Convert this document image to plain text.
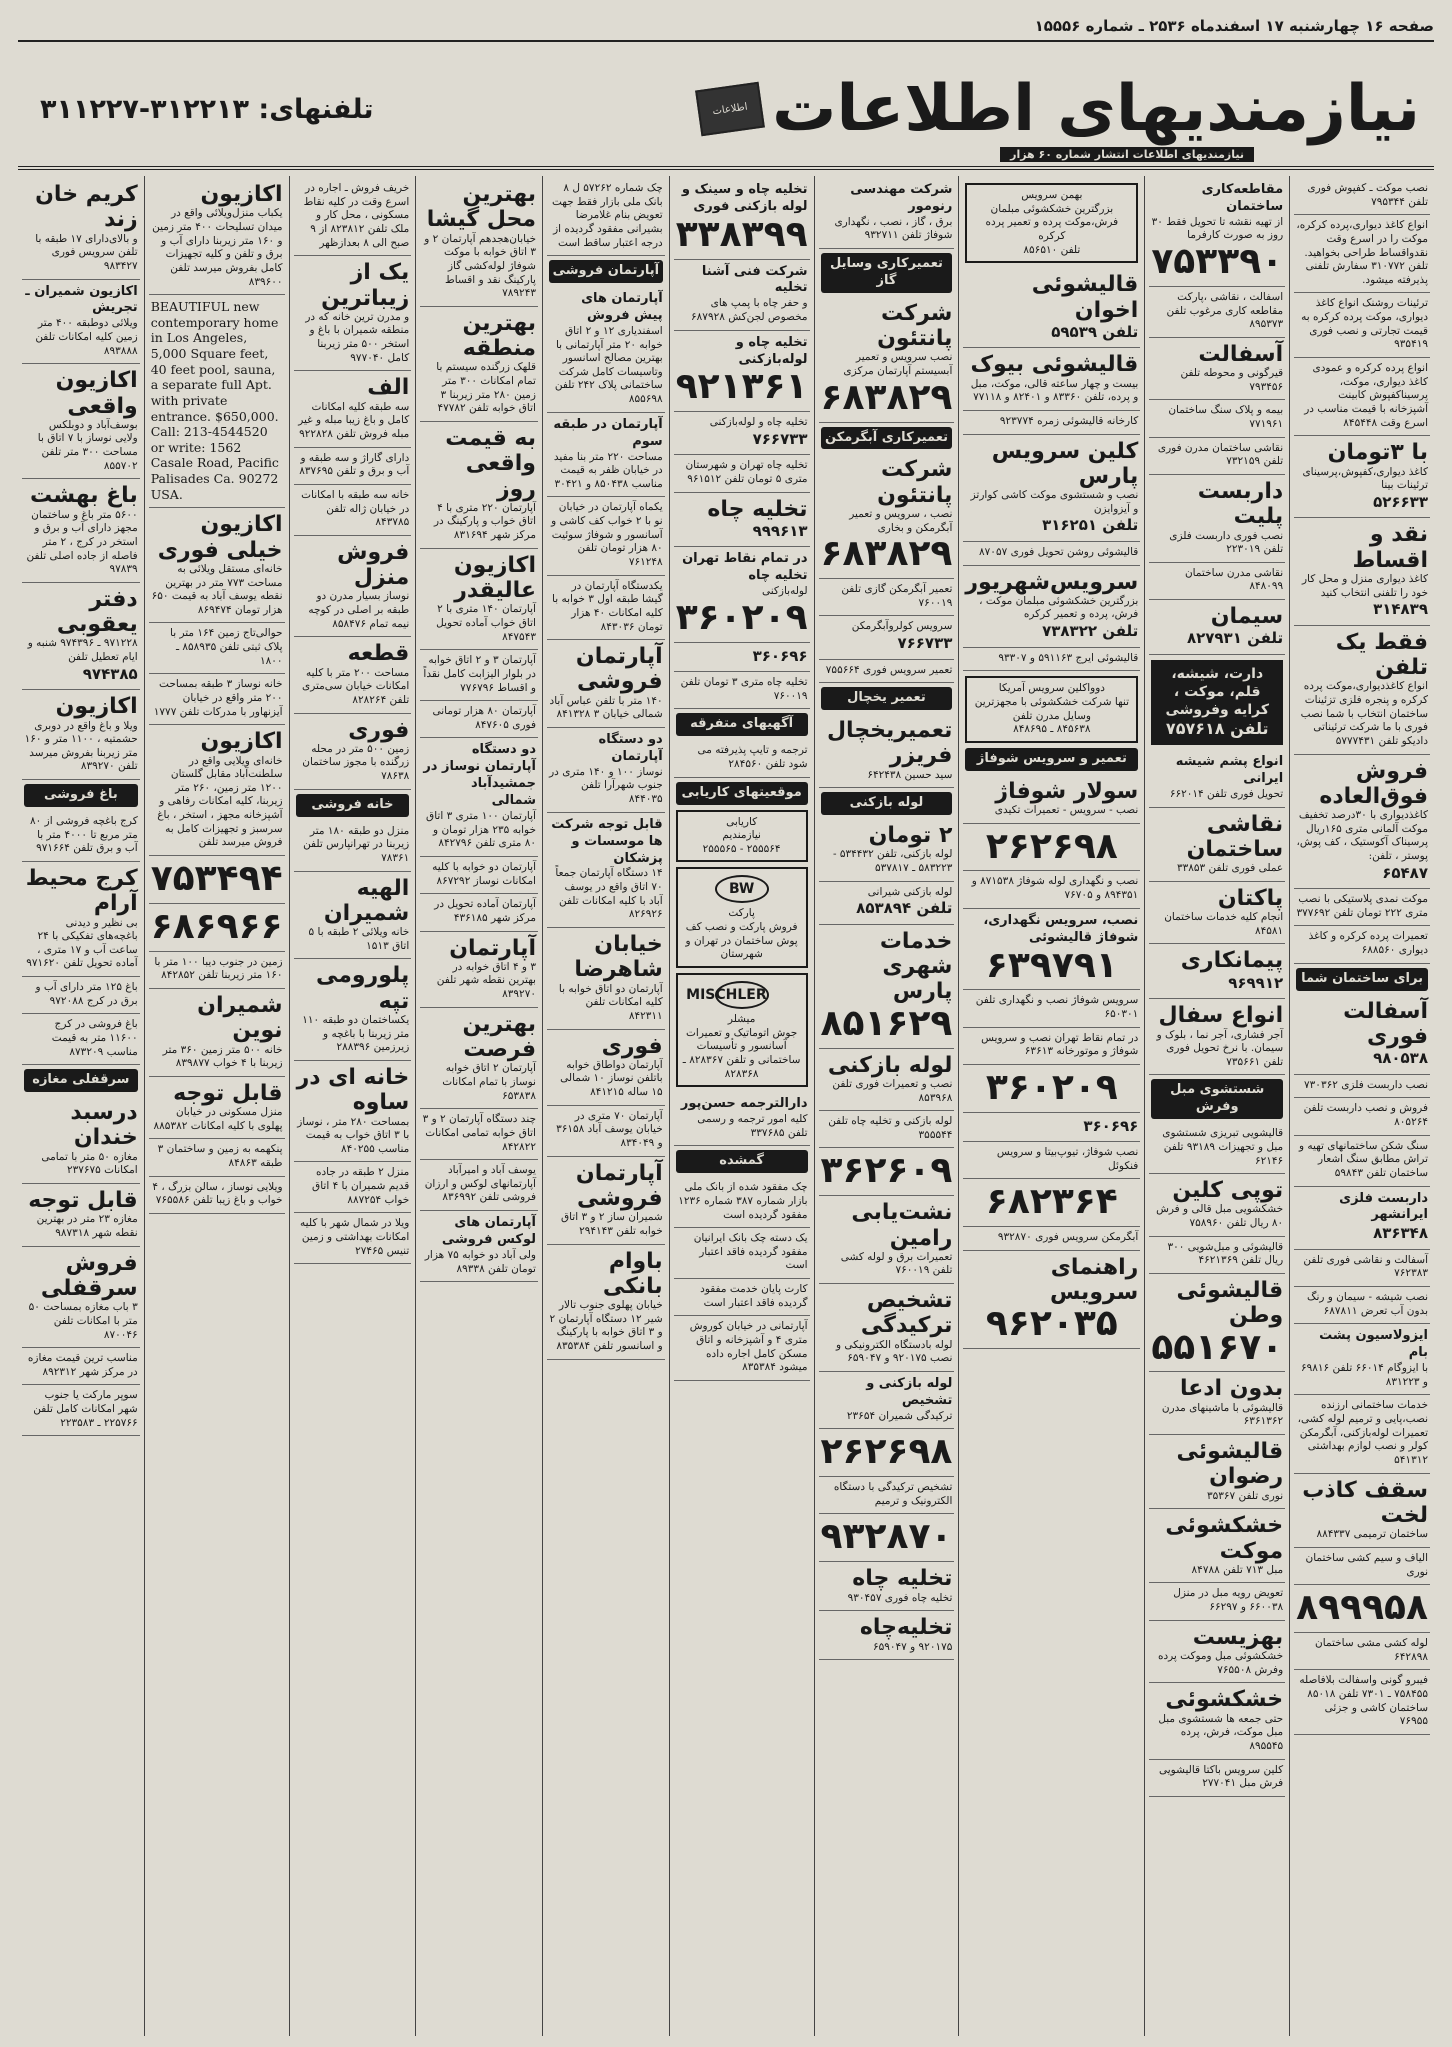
صفحه ۱۶ چهارشنبه ۱۷ اسفندماه ۲۵۳۶ ـ شماره ۱۵۵۵۶
نیازمندیهای اطلاعات
اطلاعات
تلفنهای: ۳۱۲۲۱۳-۳۱۱۲۲۷
نیازمندیهای اطلاعات انتشار شماره ۶۰ هزار
نصب موکت ـ کفپوش فوری تلفن ۷۹۵۳۴۴
انواع کاغذ دیواری،پرده کرکره، موکت را در اسرع وقت نقدواقساط طراحی بخواهید. تلفن ۳۱۰۷۷۲ سفارش تلفنی پذیرفته میشود.
ترئینات روشنک انواع کاغذ دیواری، موکت پرده کرکره به قیمت تجارتی و نصب فوری ۹۳۵۴۱۹
انواع پرده کرکره و عمودی کاغذ دیواری، موکت، پرسیناکفپوش کابینت آشپزخانه با قیمت مناسب در اسرع وقت ۸۴۵۴۴۸
با ۳تومان
کاغذ دیواری،کفپوش،پرسینای ترئینات بینا
۵۲۶۶۳۳
نقد و اقساط
کاغذ دیواری منزل و محل کار خود را تلفنی انتخاب کنید
۳۱۴۸۳۹
فقط یک تلفن
انواع کاغذدیواری،موکت پرده کرکره و پنجره فلزی تزئینات ساختمان انتخاب با شما نصب فوری با ما شرکت ترئیناتی دادیکو تلفن ۵۷۷۷۴۳۱
فروش فوق‌العاده
کاغذدیواری با ۳۰درصد تخفیف موکت آلمانی متری ۱۶۵ریال پرسیناک آکوستیک ، کف پوش، پوستر ، تلفن:
۶۵۴۸۷
موکت نمدی پلاستیکی با نصب متری ۲۲۲ تومان تلفن ۳۷۷۶۹۲
تعمیرات پرده کرکره و کاغذ دیواری ۶۸۸۵۶۰
برای ساختمان شما
آسفالت فوری
۹۸۰۵۳۸
نصب داربست فلزی ۷۳۰۳۶۲
فروش و نصب داربست تلفن ۸۰۵۲۶۴
سنگ شکن ساختمانهای تهیه و تراش مطابق سنگ اشعار ساختمان تلفن ۵۹۸۴۳
داربست فلزی ایرانشهر
۸۳۶۳۴۸
آسفالت و نقاشی فوری تلفن ۷۶۲۳۸۳
نصب شیشه - سیمان و رنگ بدون آب تعرض ۶۸۷۸۱۱
ایزولاسیون پشت بام
با ایزوگام ۶۶۰۱۴ تلفن ۶۹۸۱۶ و ۸۳۱۲۲۳
خدمات ساختمانی ارزنده نصب،پایی و ترمیم لوله کشی، تعمیرات لوله‌بازکنی، آبگرمکن کولر و نصب لوازم بهداشتی ۵۴۱۳۱۲
سقف کاذب لخت
ساختمان ترمیمی ۸۸۴۳۳۷
الیاف و سیم کشی ساختمان نوری
۸۹۹۹۵۸
لوله کشی مشی ساختمان ۶۴۲۸۹۸
فیبرو گونی واسفالت بلافاصله ۷۵۸۴۵۵ ـ ۷۳۰۱ تلفن ۸۵۰۱۸ ساختمان کاشی و جزئی ۷۶۹۵۵
مقاطعه‌کاری ساختمان
از تهیه نقشه تا تحویل فقط ۳۰ روز به صورت کارفرما
۷۵۳۳۹۰
اسفالت ، نقاشی ،پارکت مقاطعه کاری مرغوب تلفن ۸۹۵۳۷۳
آسفالت
قیرگونی و محوطه تلفن ۷۹۳۴۵۶
بیمه و پلاک سنگ ساختمان ۷۷۱۹۶۱
نقاشی ساختمان مدرن فوری تلفن ۷۳۲۱۵۹
داربست پلیت
نصب فوری داربست فلزی تلفن ۲۲۳۰۱۹
نقاشی مدرن ساختمان ۸۴۸۰۹۹
سیمان
تلفن ۸۲۷۹۳۱
دارت، شیشه، قلم، موکت ، کرایه وفروشی
تلفن ۷۵۷۶۱۸
انواع پشم شیشه ایرانی
تحویل فوری تلفن ۶۶۲۰۱۴
نقاشی ساختمان
عملی فوری تلفن ۳۳۸۵۳
پاکتان
انجام کلیه خدمات ساختمان ۸۴۵۸۱
پیمانکاری
۹۶۹۹۱۲
انواع سفال
آجر فشاری، آجر نما ، بلوک و سیمان. با نرخ تحویل فوری تلفن ۷۳۵۶۶۱
شستشوی مبل وفرش
قالیشویی تبریزی شستشوی مبل و تجهیزات ۹۳۱۸۹ تلفن ۶۲۱۴۶
توپی کلین
خشکشویی مبل قالی و فرش ۸۰ ریال تلفن ۷۵۸۹۶۰
قالیشوئی و مبل‌شویی ۳۰۰ ریال تلفن ۴۶۲۱۳۶۹
قالیشوئی وطن
۵۵۱۶۷۰
بدون ادعا
قالیشوئی با ماشینهای مدرن ۶۳۶۱۳۶۲
قالیشوئی رضوان
نوری تلفن ۳۵۳۶۷
خشکشوئی موکت
مبل ۷۱۳ تلفن ۸۴۷۸۸
تعویض رویه مبل در منزل ۶۶۰۰۳۸ و ۶۶۲۹۷
بهزیست
خشکشوئی مبل وموکت پرده وفرش ۷۶۵۵۰۸
خشکشوئی
حتی جمعه ها شستشوی مبل مبل موکت، فرش، پرده ۸۹۵۵۴۵
کلین سرویس باکتا قالیشویی فرش مبل ۲۷۷۰۴۱
بهمن سرویس
بزرگترین خشکشوئی مبلمان فرش،موکت پرده و تعمیر پرده کرکره
تلفن ۸۵۶۵۱۰
قالیشوئی اخوان
تلفن ۵۹۵۳۹
قالیشوئی بیوک
بیست و چهار ساعته قالی، موکت، مبل و پرده، تلفن ۸۳۳۶۰ و ۸۲۴۰۱ و ۷۷۱۱۸
کارخانه قالیشوئی زمره ۹۲۳۷۷۴
کلین سرویس پارس
نصب و شستشوی موکت کاشی کوارتز و آیزوایزن
تلفن ۳۱۶۲۵۱
قالیشوئی روشن تحویل فوری ۸۷۰۵۷
سرویس‌شهریور
بزرگترین خشکشوئی مبلمان موکت ، فرش، پرده و تعمیر کرکره
تلفن ۷۳۸۳۲۲
قالیشوئی ایرج ۵۹۱۱۶۳ و ۹۳۳۰۷
دوواکلین سرویس آمریکا
تنها شرکت خشکشوئی با مجهزترین وسایل مدرن تلفن
۸۴۵۶۳۸ ـ ۸۴۸۶۹۵
تعمیر و سرویس شوفاژ
سولار شوفاژ
نصب - سرویس - تعمیرات تکیدی
۲۶۲۶۹۸
نصب و نگهداری لوله شوفاژ ۸۷۱۵۳۸ و ۸۹۴۳۵۱ و ۷۶۷۰۵
نصب، سرویس نگهداری، شوفاژ قالیشوئی
۶۳۹۷۹۱
سرویس شوفاژ نصب و نگهداری تلفن ۶۵۰۳۰۱
در تمام نقاط تهران نصب و سرویس شوفاژ و موتورخانه ۶۳۶۱۳
۳۶۰۲۰۹
۳۶۰۶۹۶
نصب شوفاژ، تیوپ‌بیتا و سرویس فنکوئل
۶۸۲۳۶۴
آبگرمکن سرویس فوری ۹۳۲۸۷۰
راهنمای سرویس
۹۶۲۰۳۵
شرکت مهندسی رنومور
برق ، گاز ، نصب ، نگهداری شوفاژ تلفن ۹۳۲۷۱۱
تعمیرکاری وسایل گاز
شرکت پانتئون
نصب سرویس و تعمیر آبسیستم آپارتمان مرکزی
۶۸۳۸۲۹
تعمیرکاری آبگرمکن
شرکت پانتئون
نصب ، سرویس و تعمیر آبگرمکن و بخاری
۶۸۳۸۲۹
تعمیر آبگرمکن گازی تلفن ۷۶۰۰۱۹
سرویس کولروآبگرمکن
۷۶۶۷۳۳
تعمیر سرویس فوری ۷۵۵۶۶۴
تعمیر یخچال
تعمیریخچال فریزر
سید حسین ۶۴۲۴۳۸
لوله بازکنی
۲ تومان
لوله بازکنی، تلفن ۵۳۴۴۳۲ - ۵۸۳۲۲۳ ـ ۵۳۷۸۱۷
لوله بازکنی شیرانی
تلفن ۸۵۳۸۹۴
خدمات شهری پارس
۸۵۱۶۲۹
لوله بازکنی
نصب و تعمیرات فوری تلفن ۸۵۳۹۶۸
لوله بازکنی و تخلیه چاه تلفن ۳۵۵۵۴۴
۳۶۲۶۰۹
نشت‌یابی رامین
تعمیرات برق و لوله کشی تلفن ۷۶۰۰۱۹
تشخیص ترکیدگی
لوله بادستگاه الکترونیکی و نصب ۹۲۰۱۷۵ و ۶۵۹۰۴۷
لوله بازکنی و تشخیص
ترکیدگی شمیران ۲۳۶۵۴
۲۶۲۶۹۸
تشخیص ترکیدگی با دستگاه الکترونیک و ترمیم
۹۳۲۸۷۰
تخلیه چاه
تخلیه چاه فوری ۹۳۰۴۵۷
تخلیه‌چاه
۹۲۰۱۷۵ و ۶۵۹۰۴۷
تخلیه چاه و سینک و لوله بازکنی فوری
۳۳۸۳۹۹
شرکت فنی آشنا تخلیه
و حفر چاه با پمپ های مخصوص لجن‌کش ۶۸۷۹۲۸
تخلیه چاه و لوله‌بازکنی
۹۲۱۳۶۱
تخلیه چاه و لوله‌بازکنی
۷۶۶۷۳۳
تخلیه چاه تهران و شهرستان متری ۵ تومان تلفن ۹۶۱۵۱۲
تخلیه چاه
۹۹۹۶۱۳
در تمام نقاط تهران تخلیه چاه
لوله‌بازکنی
۳۶۰۲۰۹
۳۶۰۶۹۶
تخلیه چاه متری ۳ تومان تلفن ۷۶۰۰۱۹
آگهیهای متفرقه
ترجمه و تایپ پذیرفته می شود تلفن ۲۸۴۵۶۰
موقعیتهای کاریابی
کاریابی
نیازمندیم
۲۵۵۵۶۴ - ۲۵۵۵۶۵
BW
پارکت
فروش پارکت و نصب کف پوش ساختمان در تهران و شهرستان
MISCHLER
میشلر
جوش اتوماتیک و تعمیرات آسانسور و تأسیسات ساختمانی و تلفن ۸۲۸۳۶۷ ـ ۸۲۸۳۶۸
دارالترجمه حسن‌پور
کلیه امور ترجمه و رسمی تلفن ۳۳۷۶۸۵
گمشده
چک مفقود شده از بانک ملی بازار شماره ۳۸۷ شماره ۱۲۳۶ مفقود گردیده است
یک دسته چک بانک ایرانیان مفقود گردیده فاقد اعتبار است
کارت پایان خدمت مفقود گردیده فاقد اعتبار است
آپارتمانی در خیابان کوروش متری ۴ و آشپزخانه و اتاق مسکن کامل اجاره داده میشود ۸۳۵۳۸۴
چک شماره ۵۷۲۶۲ ل ۸ بانک ملی بازار فقط جهت تعویض بنام غلامرضا بشیرانی مفقود گردیده از درجه اعتبار ساقط است
آپارتمان فروشی
آپارتمان های پیش فروش
اسفندیاری ۱۲ و ۲ اتاق خوابه ۲۰ متر آپارتمانی با بهترین مصالح اسانسور وتاسیسات کامل شرکت ساختمانی پلاک ۲۴۲ تلفن ۸۵۵۶۹۸
آپارتمان در طبقه سوم
مساحت ۲۲۰ متر بنا مفید در خیابان ظفر به قیمت مناسب ۸۵۰۴۳۸ و ۳۰۴۲۱
یکماه آپارتمان در خیابان نو با ۲ خواب کف کاشی و آسانسور و شوفاژ سوئیت ۸۰ هزار تومان تلفن ۷۶۱۲۴۸
یکدستگاه آپارتمان در گیشا طبقه اول ۳ خوابه با کلیه امکانات ۴۰ هزار تومان ۸۴۳۰۳۶
آپارتمان فروشی
۱۴۰ متر با تلفن عباس آباد شمالی خیابان ۳ ۸۴۱۳۲۸
دو دستگاه آپارتمان
نوساز ۱۰۰ و ۱۴۰ متری در جنوب شهرآرا تلفن ۸۴۴۰۳۵
قابل توجه شرکت ها موسسات و پزشکان
۱۴ دستگاه آپارتمان جمعاً ۷۰ اتاق واقع در یوسف آباد با کلیه امکانات تلفن ۸۲۶۹۲۶
خیابان شاهرضا
آپارتمان دو اتاق خوابه با کلیه امکانات تلفن ۸۴۲۳۱۱
فوری
آپارتمان دواطاق خوابه باتلفن نوساز ۱۰ شمالی ۱۵ ساله ۸۴۱۲۱۵
آپارتمان ۷۰ متری در خیابان یوسف آباد ۳۶۱۵۸ و ۸۳۴۰۴۹
آپارتمان فروشی
شمیران ساز ۲ و ۳ اتاق خوابه تلفن ۲۹۴۱۴۳
باوام بانکی
خیابان پهلوی جنوب تالار شیر ۱۲ دستگاه آپارتمان ۲ و ۳ اتاق خوابه با پارکینگ و اسانسور تلفن ۸۳۵۳۸۴
بهترین محل گیشا
خیابان‌هجدهم آپارتمان ۲ و ۳ اتاق خوابه با موکت شوفاژ لوله‌کشی گاز پارکینگ نقد و اقساط ۷۸۹۲۴۳
بهترین منطقه
قلهک زرگنده سیستم با تمام امکانات ۳۰۰ متر زمین ۲۸۰ متر زیربنا ۳ اتاق خوابه تلفن ۴۷۷۸۲
به قیمت واقعی روز
آپارتمان ۲۲۰ متری با ۴ اتاق خواب و پارکینگ در مرکز شهر ۸۳۱۶۹۴
اکازیون عالیقدر
آپارتمان ۱۴۰ متری با ۲ اتاق خواب آماده تحویل ۸۴۷۵۴۳
آپارتمان ۳ و ۲ اتاق خوابه در بلوار الیزابت کامل نقداً و اقساط ۷۷۶۷۹۶
آپارتمان ۸۰ هزار تومانی فوری ۸۴۷۶۰۵
دو دستگاه آپارتمان نوساز در جمشیدآباد شمالی
آپارتمان ۱۰۰ متری ۳ اتاق خوابه ۲۳۵ هزار تومان و ۸۰ متری تلفن ۸۴۲۷۹۶
آپارتمان دو خوابه با کلیه امکانات نوساز ۸۶۷۲۹۲
آپارتمان آماده تحویل در مرکز شهر ۴۳۶۱۸۵
آپارتمان
۳ و ۴ اتاق خوابه در بهترین نقطه شهر تلفن ۸۳۹۲۷۰
بهترین فرصت
آپارتمان ۲ اتاق خوابه نوساز با تمام امکانات ۶۵۳۸۳۸
چند دستگاه آپارتمان ۲ و ۳ اتاق خوابه تمامی امکانات ۸۴۲۸۲۲
یوسف آباد و امیرآباد آپارتمانهای لوکس و ارزان فروشی تلفن ۸۳۶۹۹۲
آپارتمان های لوکس فروشی
ولی آباد دو خوابه ۷۵ هزار تومان تلفن ۸۹۳۳۸
خریف فروش ـ اجاره در اسرع وقت در کلیه نقاط مسکونی ، محل کار و ملک تلفن ۸۲۳۸۱۲ از ۹ صبح الی ۸ بعدازظهر
یک از زیباترین
و مدرن ترین خانه که در منطقه شمیران با باغ و استخر ۵۰۰ متر زیربنا کامل ۹۷۷۰۴۰
الف
سه طبقه کلیه امکانات کامل و باغ زیبا مبله و غیر مبله فروش تلفن ۹۲۲۸۲۸
دارای گاراژ و سه طبقه و آب و برق و تلفن ۸۳۷۶۹۵
خانه سه طبقه با امکانات در خیابان ژاله تلفن ۸۴۳۷۸۵
فروش منزل
نوساز بسیار مدرن دو طبقه بر اصلی در کوچه نیمه تمام ۸۵۸۴۷۶
قطعه
مساحت ۲۰۰ متر با کلیه امکانات خیابان سی‌متری تلفن ۸۲۸۲۶۴
فوری
زمین ۵۰۰ متر در محله زرگنده با مجوز ساختمان ۷۸۶۳۸
خانه فروشی
منزل دو طبقه ۱۸۰ متر زیربنا در تهرانپارس تلفن ۷۸۳۶۱
الهیه شمیران
خانه ویلائی ۲ طبقه با ۵ اتاق ۱۵۱۳
پلورومی تپه
یکساختمان دو طبقه ۱۱۰ متر زیربنا با باغچه و زیرزمین ۲۸۸۳۹۶
خانه ای در ساوه
بمساحت ۲۸۰ متر ، نوساز با ۳ اتاق خواب به قیمت مناسب ۸۴۰۲۵۵
منزل ۲ طبقه در جاده قدیم شمیران با ۴ اتاق خواب ۸۸۷۲۵۴
ویلا در شمال شهر با کلیه امکانات بهداشتی و زمین تنیس ۲۷۴۶۵
اکازیون
یکباب منزل‌ویلائی واقع در میدان تسلیحات ۴۰۰ متر زمین و ۱۶۰ متر زیربنا دارای آب و برق و تلفن و کلیه تجهیزات کامل بفروش میرسد تلفن ۸۳۹۶۰۰
BEAUTIFUL new contemporary home in Los Angeles, 5,000 Square feet, 40 feet pool, sauna, a separate full Apt. with private entrance. $650,000. Call: 213-4544520 or write: 1562 Casale Road, Pacific Palisades Ca. 90272 USA.
اکازیون خیلی فوری
خانه‌ای مستقل ویلائی به مساحت ۷۷۳ متر در بهترین نقطه یوسف آباد به قیمت ۶۵۰ هزار تومان ۸۶۹۴۷۴
حوالی‌تاج زمین ۱۶۴ متر با پلاک ثبتی تلفن ۸۵۸۹۳۵ ـ ۱۸۰۰
خانه نوساز ۳ طبقه بمساحت ۲۰۰ متر واقع در خیابان آیزنهاور با مدرکات تلفن ۱۷۷۷
اکازیون
خانه‌ای ویلایی واقع در سلطنت‌آباد مقابل گلستان ۱۲۰۰ متر زمین، ۲۶۰ متر زیربنا، کلیه امکانات رفاهی و آشپزخانه مجهز ، استخر ، باغ سرسبز و تجهیزات کامل به فروش میرسد تلفن
۷۵۳۴۹۴
۶۸۶۹۶۶
زمین در جنوب دیبا ۱۰۰ متر با ۱۶۰ متر زیربنا تلفن ۸۴۲۸۵۲
شمیران نوین
خانه ۵۰۰ متر زمین ۳۶۰ متر زیربنا با ۴ خواب ۸۳۹۸۷۷
قابل توجه
منزل مسکونی در خیابان پهلوی با کلیه امکانات ۸۸۵۳۸۲
پنکهمه به زمین و ساختمان ۳ طبقه ۸۴۸۶۳
ویلایی نوساز ، سالن بزرگ ، ۴ خواب و باغ زیبا تلفن ۷۶۵۵۸۶
کریم خان زند
و بالای‌دارای ۱۷ طبقه با تلفن سرویس فوری ۹۸۳۴۲۷
اکازیون شمیران ـ تجریش
ویلائی دوطبقه ۴۰۰ متر زمین کلیه امکانات تلفن ۸۹۳۸۸۸
اکازیون واقعی
بوسف‌آباد و دوبلکس ولایی نوساز با ۷ اتاق با مساحت ۳۰۰ متر تلفن ۸۵۵۷۰۲
باغ بهشت
۵۶۰۰ متر باغ و ساختمان مجهز دارای آب و برق و استخر در کرج ، ۲ متر فاصله از جاده اصلی تلفن ۹۷۸۳۹
دفتر یعقوبی
۹۷۱۲۲۸ ـ ۹۷۴۳۹۶ شنبه و ایام تعطیل تلفن
۹۷۴۳۸۵
اکازیون
ویلا و باغ واقع در دوبری حشمتیه ، ۱۱۰۰ متر و ۱۶۰ متر زیربنا بفروش میرسد تلفن ۸۳۹۲۷۰
باغ فروشی
کرج باغچه فروشی از ۸۰ متر مربع تا ۴۰۰۰ متر با آب و برق تلفن ۹۷۱۶۶۴
کرج محیط آرام
بی نظیر و دیدنی باغچه‌های تفکیکی با ۲۴ ساعت آب و ۱۷ متری ، آماده تحویل تلفن ۹۷۱۶۲۰
باغ ۱۲۵ متر دارای آب و برق در کرج ۹۷۲۰۸۸
باغ فروشی در کرج ۱۱۶۰۰ متر به قیمت مناسب ۸۷۳۲۰۹
سرقفلی مغازه
درسبد خندان
مغازه ۵۰ متر با تمامی امکانات ۲۳۷۶۷۵
قابل توجه
مغازه ۲۳ متر در بهترین نقطه شهر ۹۸۷۳۱۸
فروش سرقفلی
۳ باب مغازه بمساحت ۵۰ متر با امکانات تلفن ۸۷۰۰۴۶
مناسب ترین قیمت مغازه در مرکز شهر ۸۹۲۳۱۲
سوپر مارکت یا جنوب شهر امکانات کامل تلفن ۲۲۵۷۶۶ ـ ۲۲۳۵۸۳
